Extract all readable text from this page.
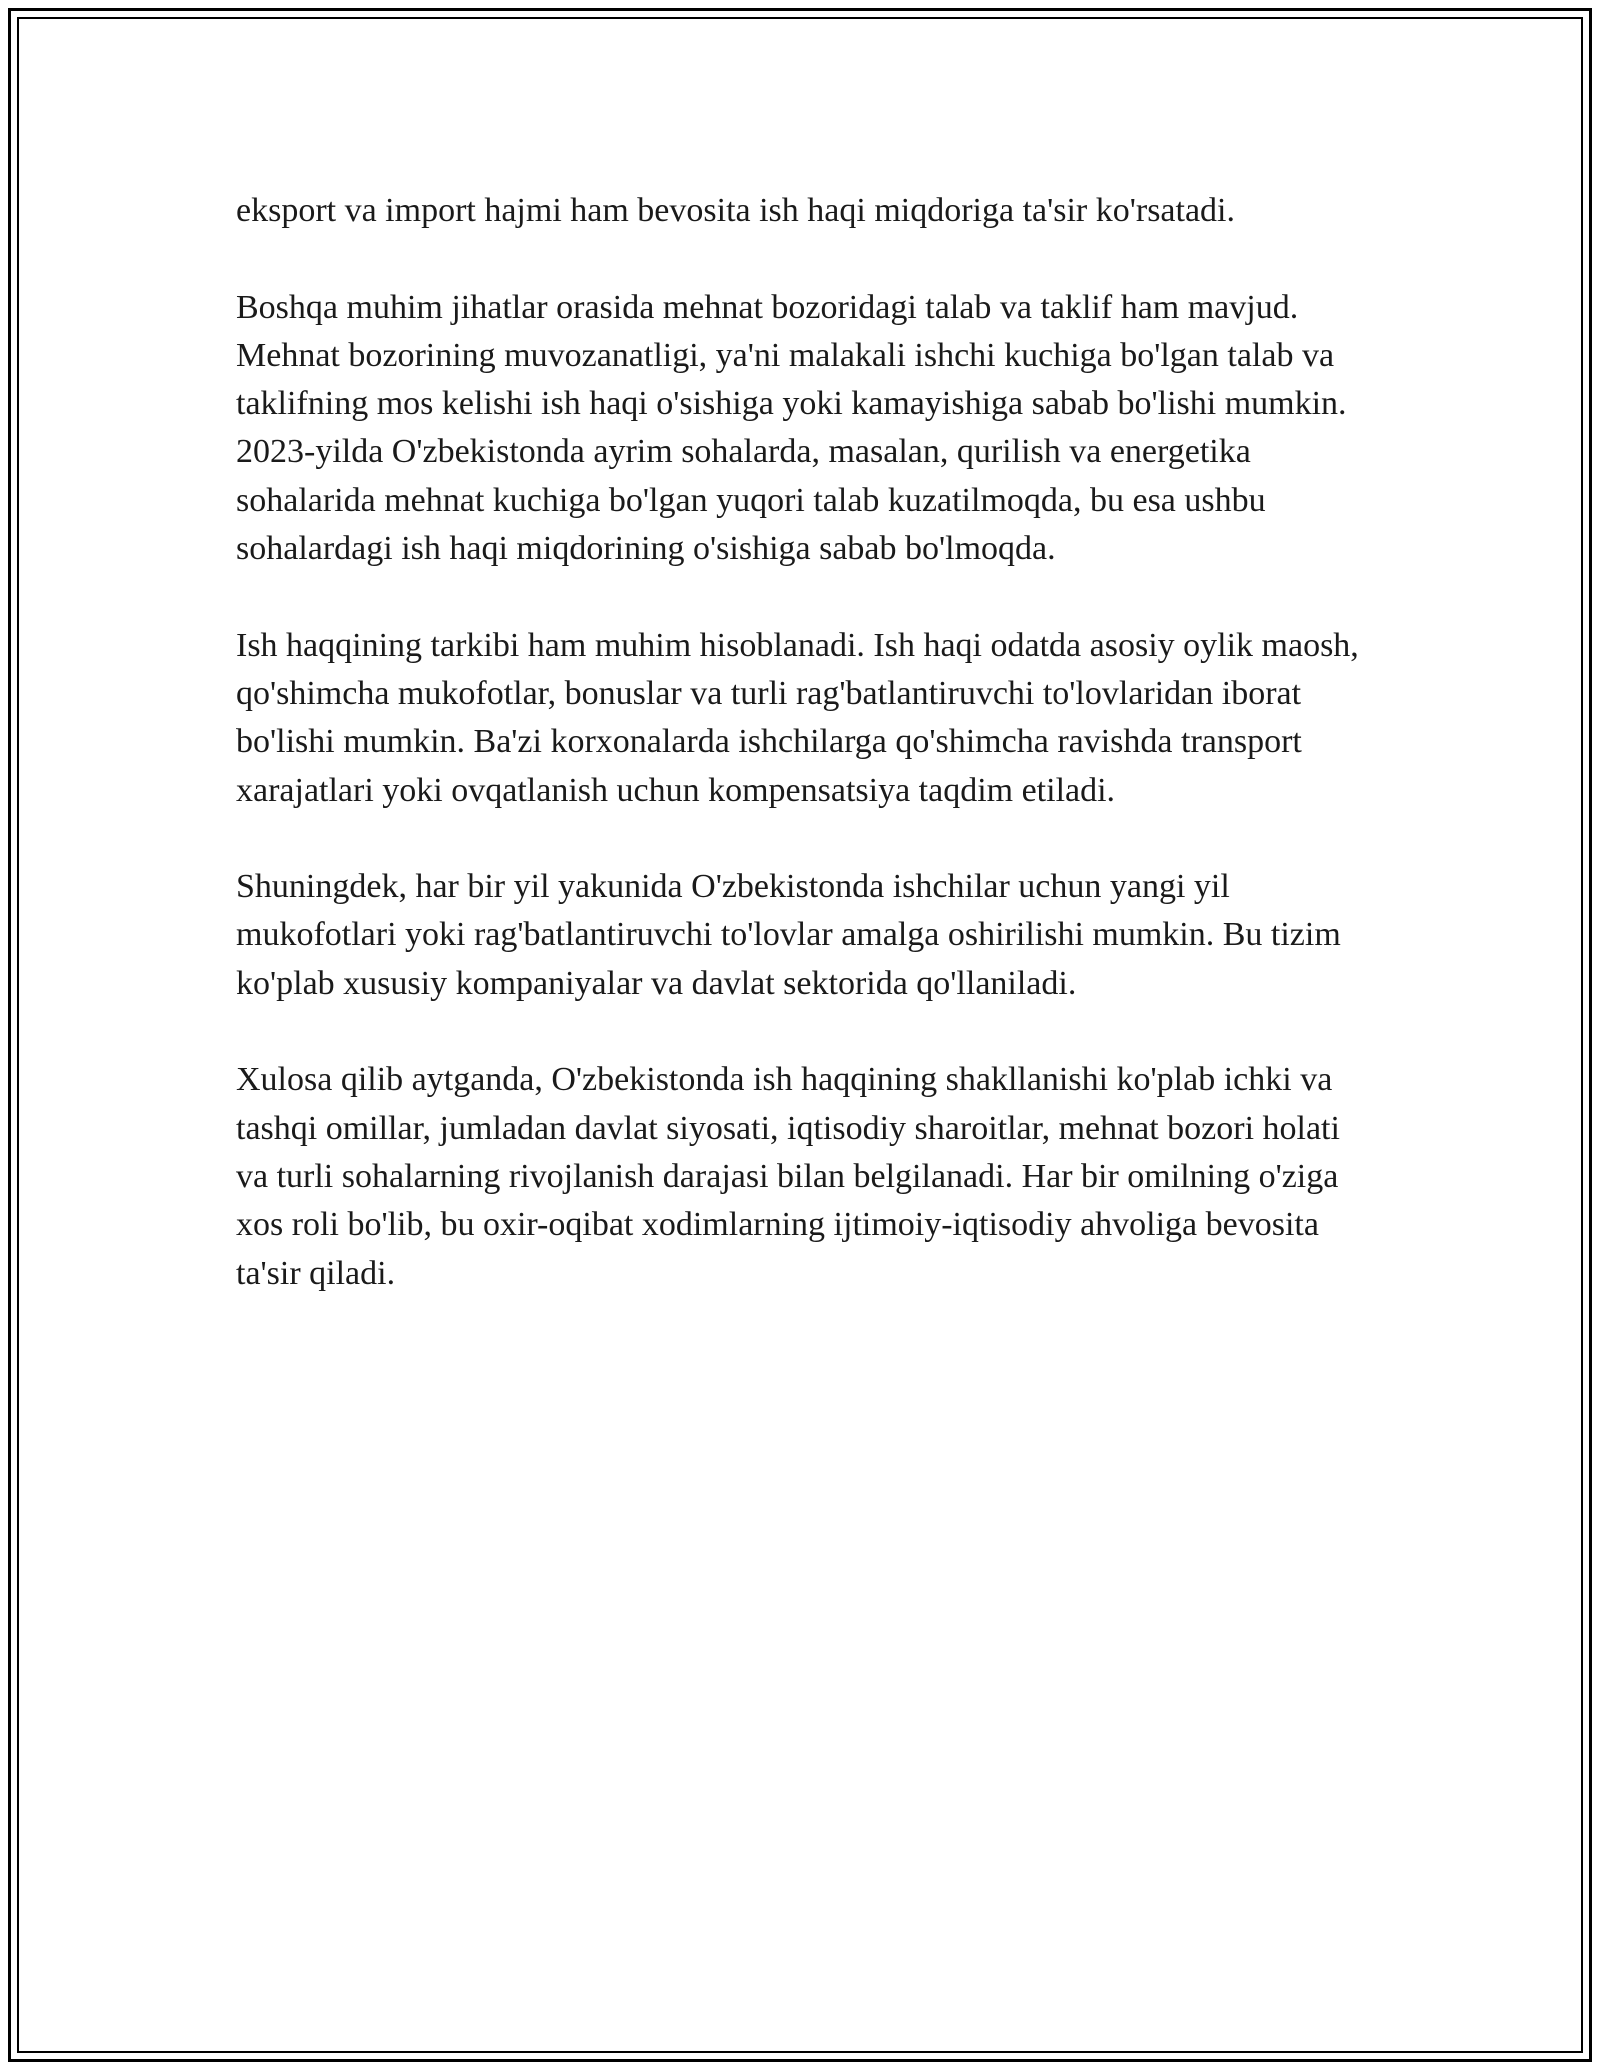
eksport va import hajmi ham bevosita ish haqi miqdoriga ta'sir ko'rsatadi.

Boshqa muhim jihatlar orasida mehnat bozoridagi talab va taklif ham mavjud. Mehnat bozorining muvozanatligi, ya'ni malakali ishchi kuchiga bo'lgan talab va taklifning mos kelishi ish haqi o'sishiga yoki kamayishiga sabab bo'lishi mumkin. 2023-yilda O'zbekistonda ayrim sohalarda, masalan, qurilish va energetika sohalarida mehnat kuchiga bo'lgan yuqori talab kuzatilmoqda, bu esa ushbu sohalardagi ish haqi miqdorining o'sishiga sabab bo'lmoqda.

Ish haqqining tarkibi ham muhim hisoblanadi. Ish haqi odatda asosiy oylik maosh, qo'shimcha mukofotlar, bonuslar va turli rag'batlantiruvchi to'lovlaridan iborat bo'lishi mumkin. Ba'zi korxonalarda ishchilarga qo'shimcha ravishda transport xarajatlari yoki ovqatlanish uchun kompensatsiya taqdim etiladi.

Shuningdek, har bir yil yakunida O'zbekistonda ishchilar uchun yangi yil mukofotlari yoki rag'batlantiruvchi to'lovlar amalga oshirilishi mumkin. Bu tizim ko'plab xususiy kompaniyalar va davlat sektorida qo'llaniladi.

Xulosa qilib aytganda, O'zbekistonda ish haqqining shakllanishi ko'plab ichki va tashqi omillar, jumladan davlat siyosati, iqtisodiy sharoitlar, mehnat bozori holati va turli sohalarning rivojlanish darajasi bilan belgilanadi. Har bir omilning o'ziga xos roli bo'lib, bu oxir-oqibat xodimlarning ijtimoiy-iqtisodiy ahvoliga bevosita ta'sir qiladi.
